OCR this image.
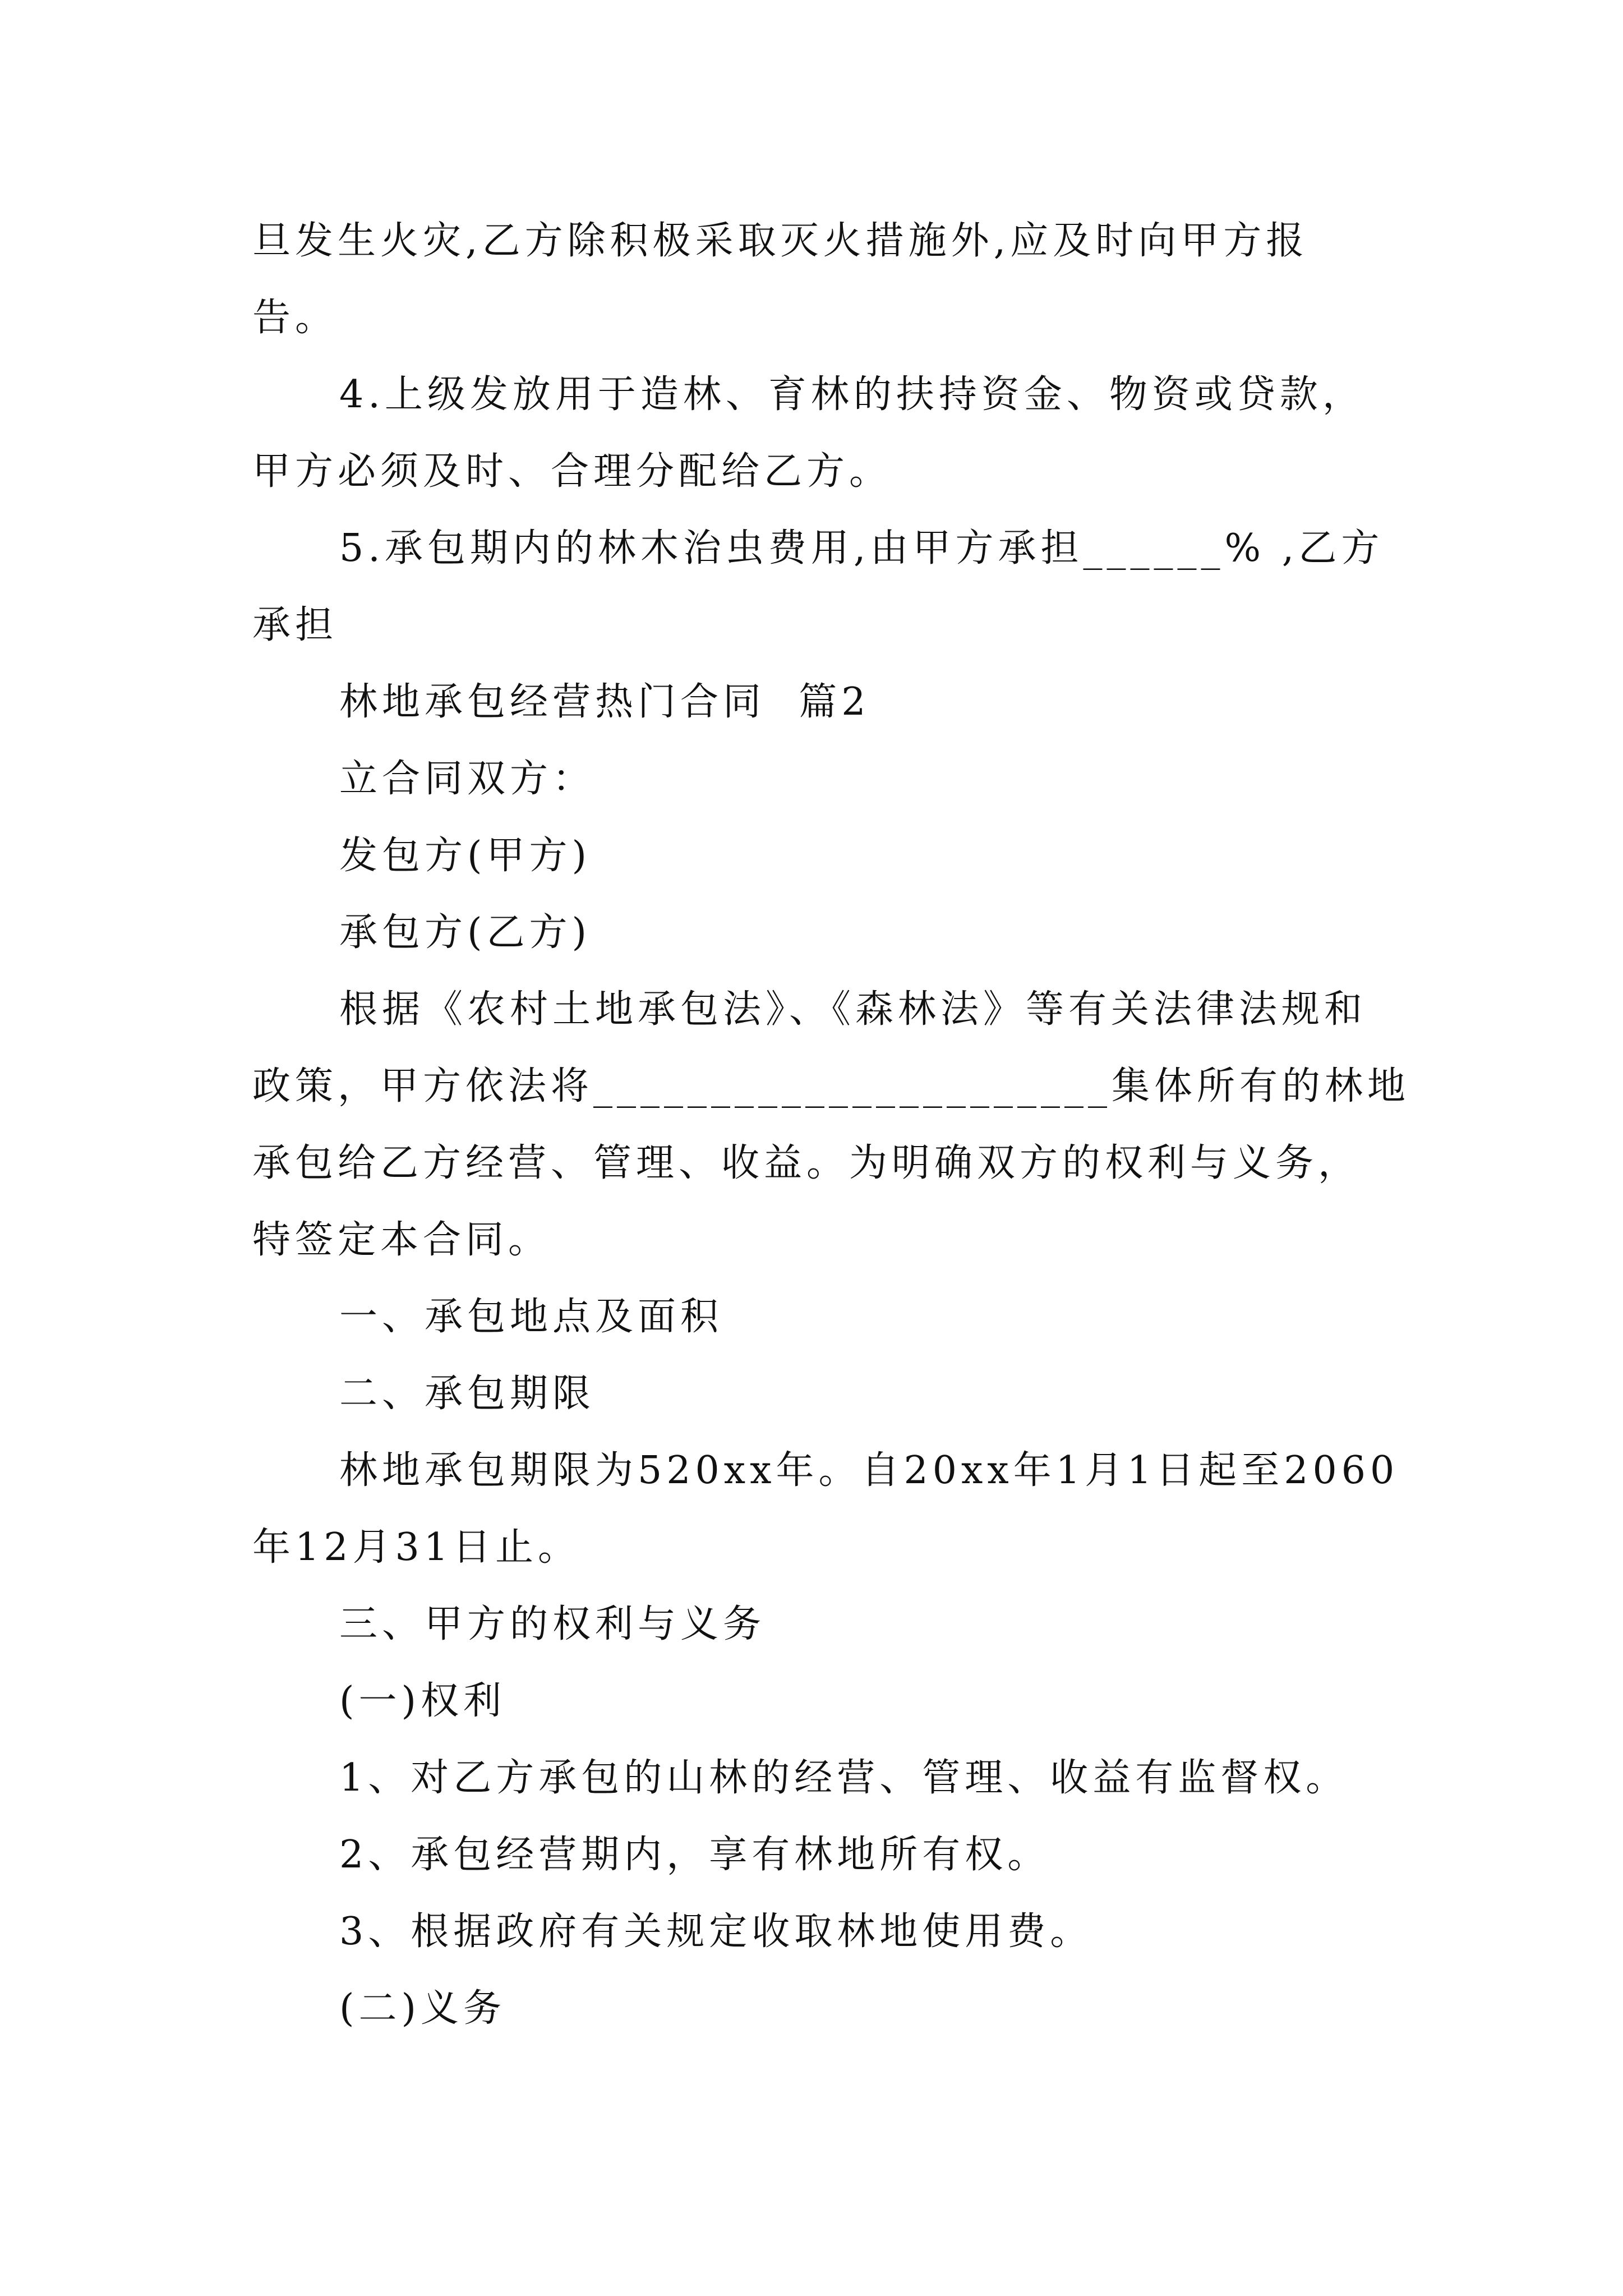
旦发生火灾,乙方除积极采取灭火措施外,应及时向甲方报

告。

4.上级发放用于造林、育林的扶持资金、物资或贷款，

甲方必须及时、合理分配给乙方。

5.承包期内的林木治虫费用,由甲方承担______% ,乙方

承担

林地承包经营热门合同  篇2

立合同双方：

发包方(甲方)

承包方(乙方)

根据《农村土地承包法》、《森林法》等有关法律法规和

政策，甲方依法将______________________集体所有的林地

承包给乙方经营、管理、收益。为明确双方的权利与义务，

特签定本合同。

一、承包地点及面积

二、承包期限

林地承包期限为520xx年。自20xx年1月1日起至2060

年12月31日止。

三、甲方的权利与义务

(一)权利

1、对乙方承包的山林的经营、管理、收益有监督权。

2、承包经营期内，享有林地所有权。

3、根据政府有关规定收取林地使用费。

(二)义务
